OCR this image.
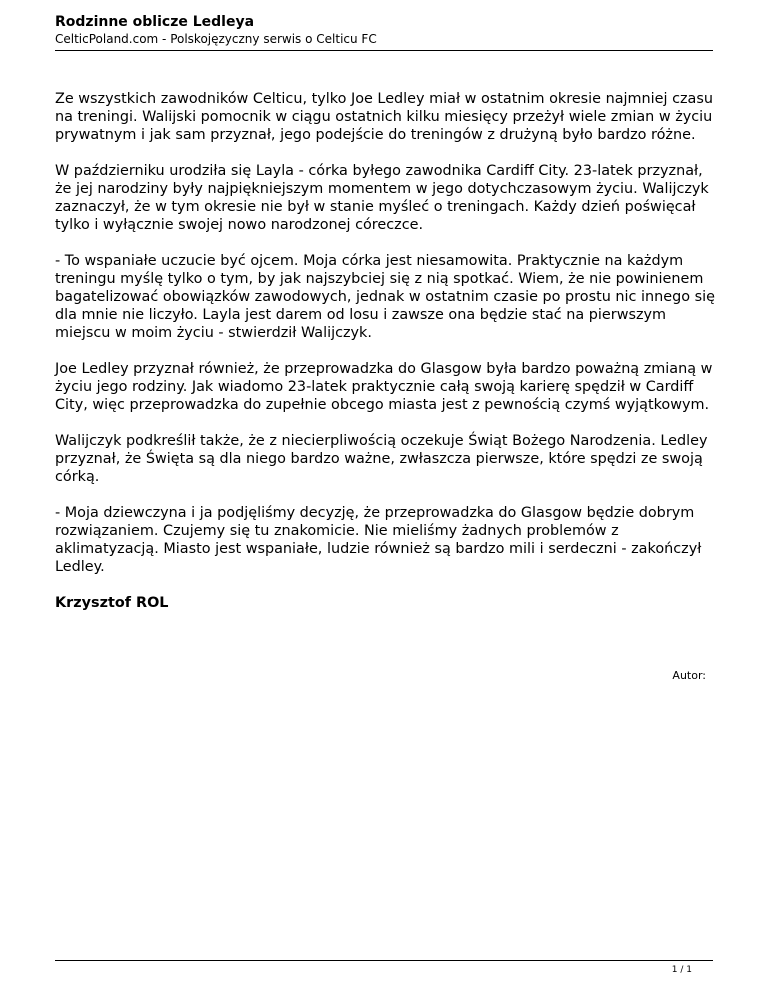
Rodzinne oblicze Ledleya
CelticPoland.com - Polskojęzyczny serwis o Celticu FC

Ze wszystkich zawodników Celticu, tylko Joe Ledley miał w ostatnim okresie najmniej czasu na treningi. Walijski pomocnik w ciągu ostatnich kilku miesięcy przeżył wiele zmian w życiu prywatnym i jak sam przyznał, jego podejście do treningów z drużyną było bardzo różne.

W październiku urodziła się Layla - córka byłego zawodnika Cardiff City. 23-latek przyznał, że jej narodziny były najpiękniejszym momentem w jego dotychczasowym życiu. Walijczyk zaznaczył, że w tym okresie nie był w stanie myśleć o treningach. Każdy dzień poświęcał tylko i wyłącznie swojej nowo narodzonej córeczce.

- To wspaniałe uczucie być ojcem. Moja córka jest niesamowita. Praktycznie na każdym treningu myślę tylko o tym, by jak najszybciej się z nią spotkać. Wiem, że nie powinienem bagatelizować obowiązków zawodowych, jednak w ostatnim czasie po prostu nic innego się dla mnie nie liczyło. Layla jest darem od losu i zawsze ona będzie stać na pierwszym miejscu w moim życiu - stwierdził Walijczyk.

Joe Ledley przyznał również, że przeprowadzka do Glasgow była bardzo poważną zmianą w życiu jego rodziny. Jak wiadomo 23-latek praktycznie całą swoją karierę spędził w Cardiff City, więc przeprowadzka do zupełnie obcego miasta jest z pewnością czymś wyjątkowym.

Walijczyk podkreślił także, że z niecierpliwością oczekuje Świąt Bożego Narodzenia. Ledley przyznał, że Święta są dla niego bardzo ważne, zwłaszcza pierwsze, które spędzi ze swoją córką.

- Moja dziewczyna i ja podjęliśmy decyzję, że przeprowadzka do Glasgow będzie dobrym rozwiązaniem. Czujemy się tu znakomicie. Nie mieliśmy żadnych problemów z aklimatyzacją. Miasto jest wspaniałe, ludzie również są bardzo mili i serdeczni - zakończył Ledley.

Krzysztof ROL

Autor:
1 / 1
